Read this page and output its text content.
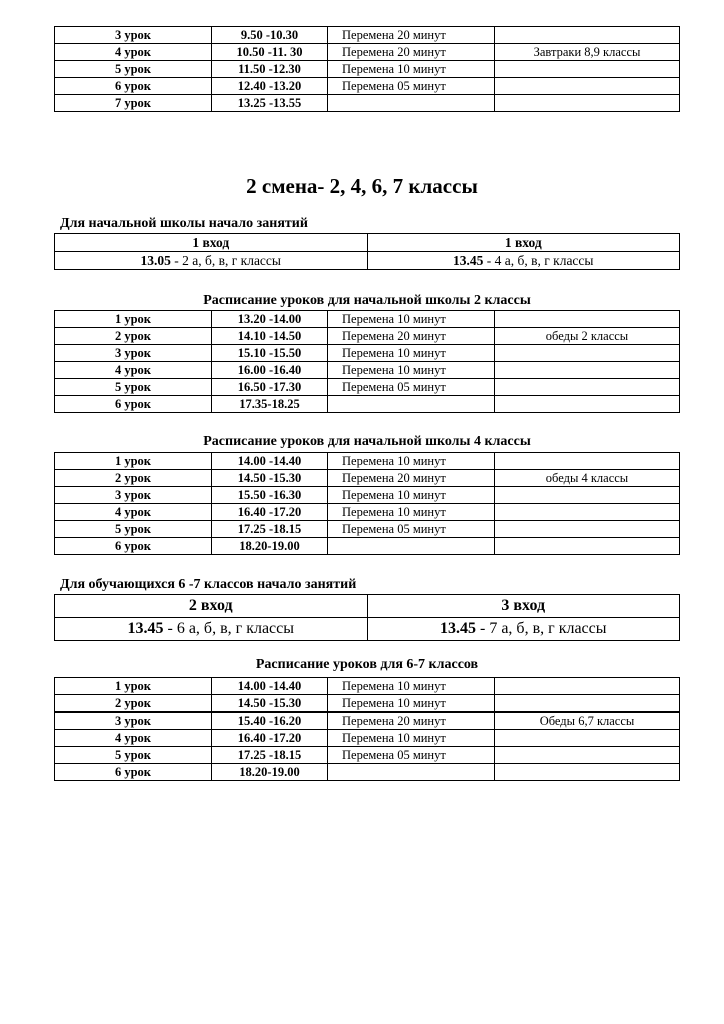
3 урок	9.50 -10.30	Перемена 20 минут	
4 урок	10.50 -11. 30	Перемена 20 минут	Завтраки 8,9 классы
5 урок	11.50 -12.30	Перемена 10 минут	
6 урок	12.40 -13.20	Перемена 05 минут	
7 урок	13.25 -13.55		
2 смена- 2, 4, 6, 7 классы
Для начальной школы начало занятий
1 вход	1 вход
13.05 - 2 а, б, в, г классы	13.45 - 4 а, б, в, г классы
Расписание уроков для начальной школы 2 классы
1 урок	13.20 -14.00	Перемена 10 минут	
2 урок	14.10 -14.50	Перемена 20 минут	обеды 2 классы
3 урок	15.10 -15.50	Перемена 10 минут	
4 урок	16.00 -16.40	Перемена 10 минут	
5 урок	16.50 -17.30	Перемена 05 минут	
6 урок	17.35-18.25		
Расписание уроков для начальной школы 4 классы
1 урок	14.00 -14.40	Перемена 10 минут	
2 урок	14.50 -15.30	Перемена 20 минут	обеды 4 классы
3 урок	15.50 -16.30	Перемена 10 минут	
4 урок	16.40 -17.20	Перемена 10 минут	
5 урок	17.25 -18.15	Перемена 05 минут	
6 урок	18.20-19.00		
Для обучающихся 6 -7 классов начало занятий
2 вход	3 вход
13.45 - 6 а, б, в, г классы	13.45 - 7 а, б, в, г классы
Расписание уроков для 6-7 классов
1 урок	14.00 -14.40	Перемена 10 минут	
2 урок	14.50 -15.30	Перемена 10 минут	
3 урок	15.40 -16.20	Перемена 20 минут	Обеды 6,7 классы
4 урок	16.40 -17.20	Перемена 10 минут	
5 урок	17.25 -18.15	Перемена 05 минут	
6 урок	18.20-19.00		
